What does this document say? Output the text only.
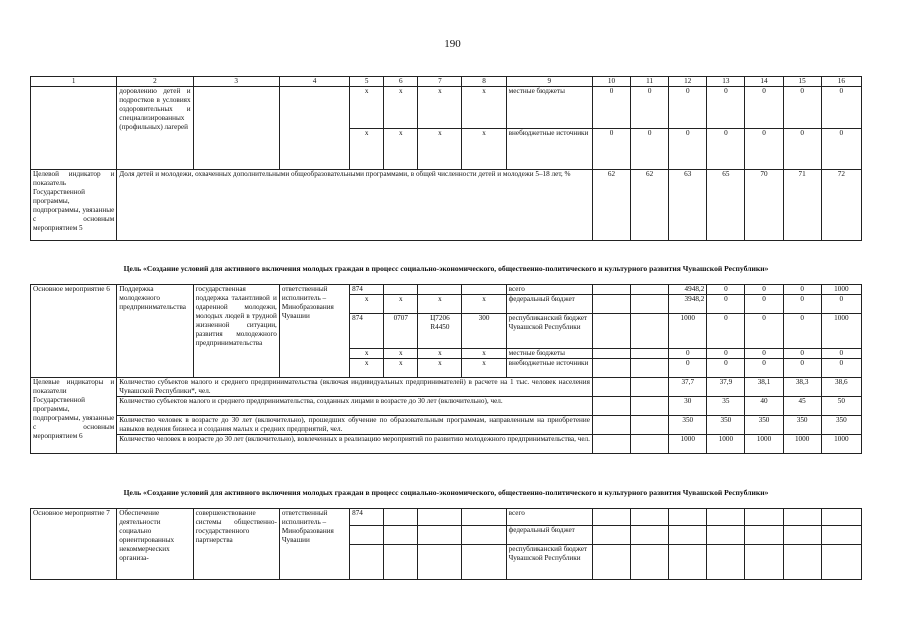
190
1	2	3	4	5	6	7	8	9	10	11	12	13	14	15	16
	доровлению детей и подростков в условиях оздоровительных и специализированных (профильных) лагерей			x	x	x	x	местные бюджеты	0	0	0	0	0	0	0
				x	x	x	x	внебюджетные источники	0	0	0	0	0	0	0
Целевой индикатор и показатель Государственной программы, подпрограммы, увязанные с основным мероприятием 5	Доля детей и молодежи, охваченных дополнительными общеобразовательными программами, в общей численности детей и молодежи 5–18 лет, %								62	62	63	65	70	71	72
Цель «Создание условий для активного включения молодых граждан в процесс социально-экономического, общественно-политического и культурного развития Чувашской Республики»
Основное мероприятие 6	Поддержка молодежного предпринимательства	государственная поддержка талантливой и одаренной молодежи, молодых людей в трудной жизненной ситуации, развития молодежного предпринимательства	ответственный исполнитель – Минобразования Чувашии	874				всего			4948,2	0	0	0	1000
				x	x	x	x	федеральный бюджет			3948,2	0	0	0	0
				874	0707	Ц7206 R4450	300	республиканский бюджет Чувашской Республики			1000	0	0	0	1000
				x	x	x	x	местные бюджеты			0	0	0	0	0
				x	x	x	x	внебюджетные источники			0	0	0	0	0
Целевые индикаторы и показатели Государственной программы, подпрограммы, увязанные с основным мероприятием 6	Количество субъектов малого и среднего предпринимательства (включая индивидуальных предпринимателей) в расчете на 1 тыс. человек населения Чувашской Республики*, чел.										37,7	37,9	38,1	38,3	38,6
	Количество субъектов малого и среднего предпринимательства, созданных лицами в возрасте до 30 лет (включительно), чел.										30	35	40	45	50
	Количество человек в возрасте до 30 лет (включительно), прошедших обучение по образовательным программам, направленным на приобретение навыков ведения бизнеса и создания малых и средних предприятий, чел.										350	350	350	350	350
	Количество человек в возрасте до 30 лет (включительно), вовлеченных в реализацию мероприятий по развитию молодежного предпринимательства, чел.										1000	1000	1000	1000	1000
Цель «Создание условий для активного включения молодых граждан в процесс социально-экономического, общественно-политического и культурного развития Чувашской Республики»
Основное мероприятие 7	Обеспечение деятельности социально ориентированных некоммерческих организа-	совершенствование системы общественно-государственного партнерства	ответственный исполнитель – Минобразования Чувашии	874				всего							
								федеральный бюджет							
								республиканский бюджет Чувашской Республики							
